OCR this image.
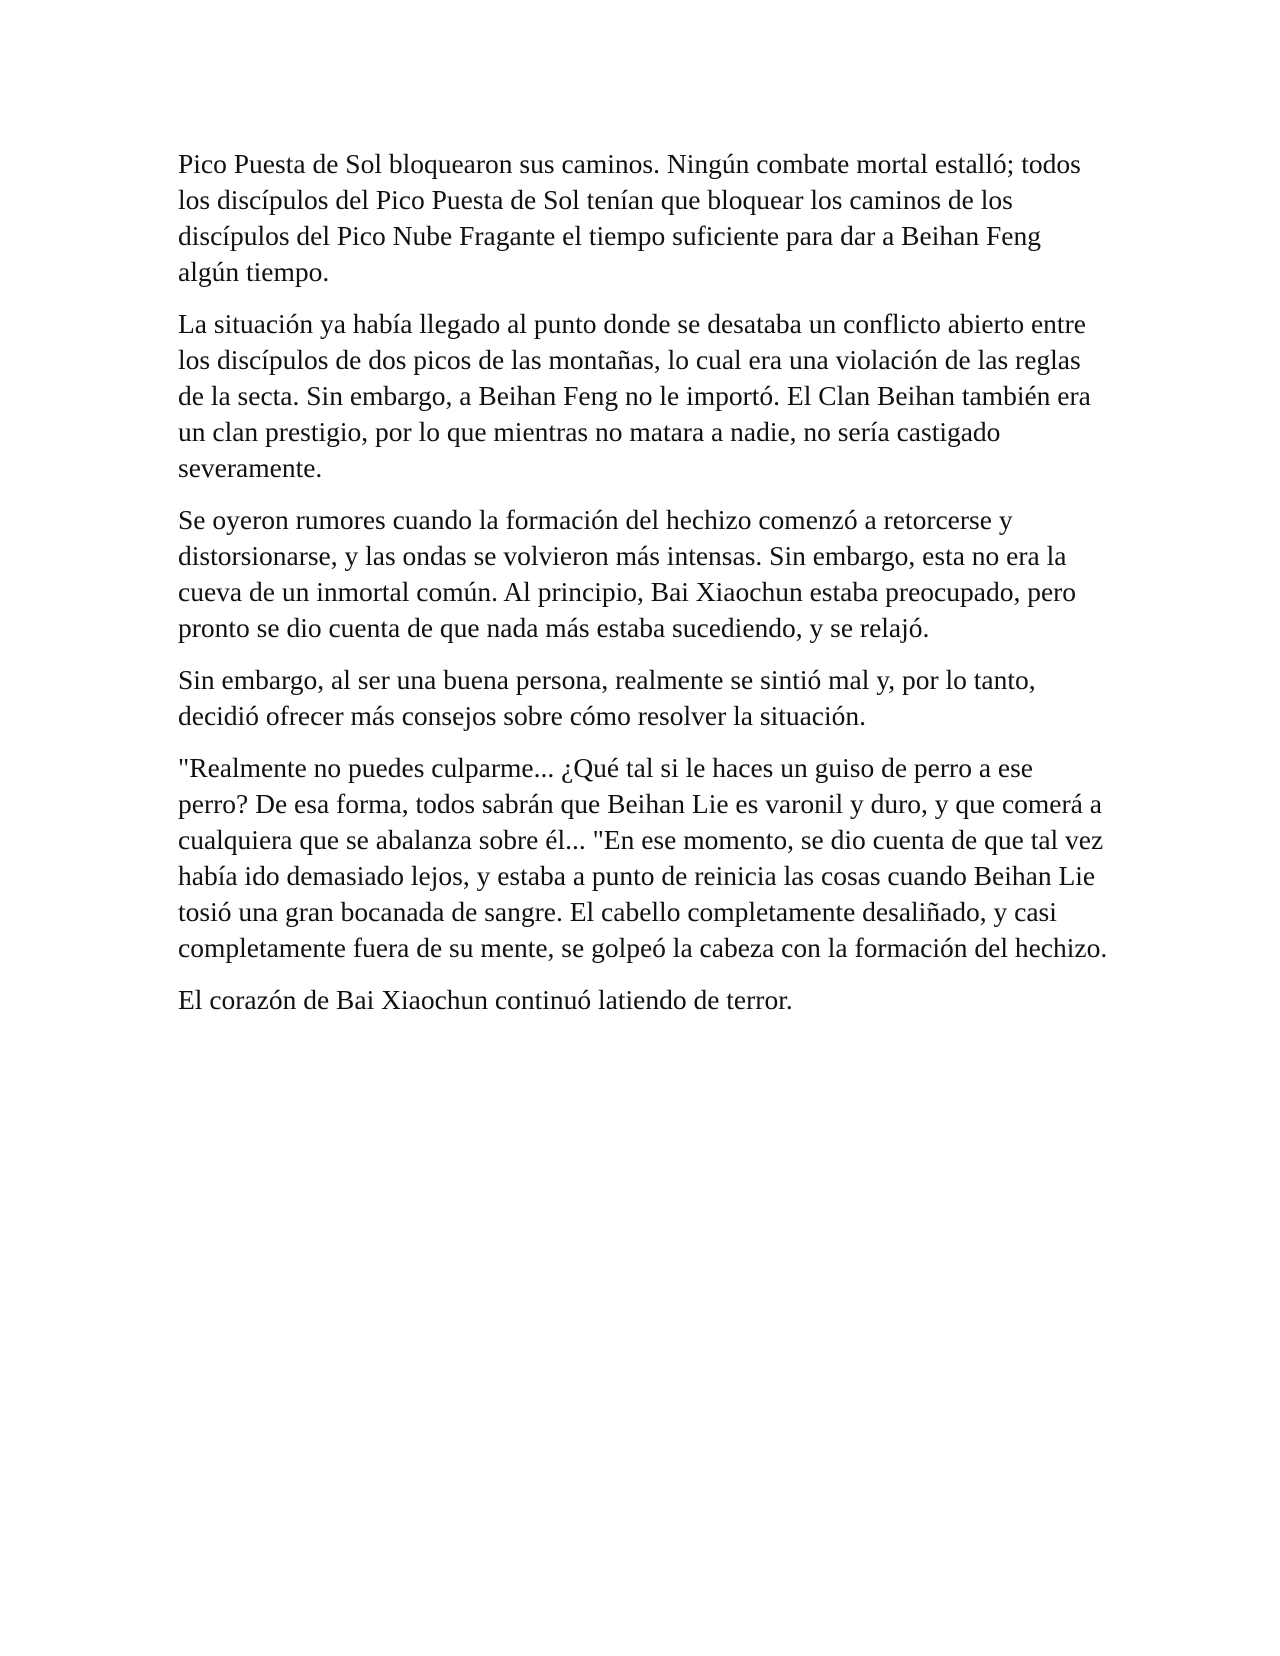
Pico Puesta de Sol bloquearon sus caminos. Ningún combate mortal estalló; todos los discípulos del Pico Puesta de Sol tenían que bloquear los caminos de los discípulos del Pico Nube Fragante el tiempo suficiente para dar a Beihan Feng algún tiempo.

La situación ya había llegado al punto donde se desataba un conflicto abierto entre los discípulos de dos picos de las montañas, lo cual era una violación de las reglas de la secta. Sin embargo, a Beihan Feng no le importó. El Clan Beihan también era un clan prestigio, por lo que mientras no matara a nadie, no sería castigado severamente.

Se oyeron rumores cuando la formación del hechizo comenzó a retorcerse y distorsionarse, y las ondas se volvieron más intensas. Sin embargo, esta no era la cueva de un inmortal común. Al principio, Bai Xiaochun estaba preocupado, pero pronto se dio cuenta de que nada más estaba sucediendo, y se relajó.

Sin embargo, al ser una buena persona, realmente se sintió mal y, por lo tanto, decidió ofrecer más consejos sobre cómo resolver la situación.

"Realmente no puedes culparme... ¿Qué tal si le haces un guiso de perro a ese perro? De esa forma, todos sabrán que Beihan Lie es varonil y duro, y que comerá a cualquiera que se abalanza sobre él... "En ese momento, se dio cuenta de que tal vez había ido demasiado lejos, y estaba a punto de reinicia las cosas cuando Beihan Lie tosió una gran bocanada de sangre. El cabello completamente desaliñado, y casi completamente fuera de su mente, se golpeó la cabeza con la formación del hechizo.

El corazón de Bai Xiaochun continuó latiendo de terror.
